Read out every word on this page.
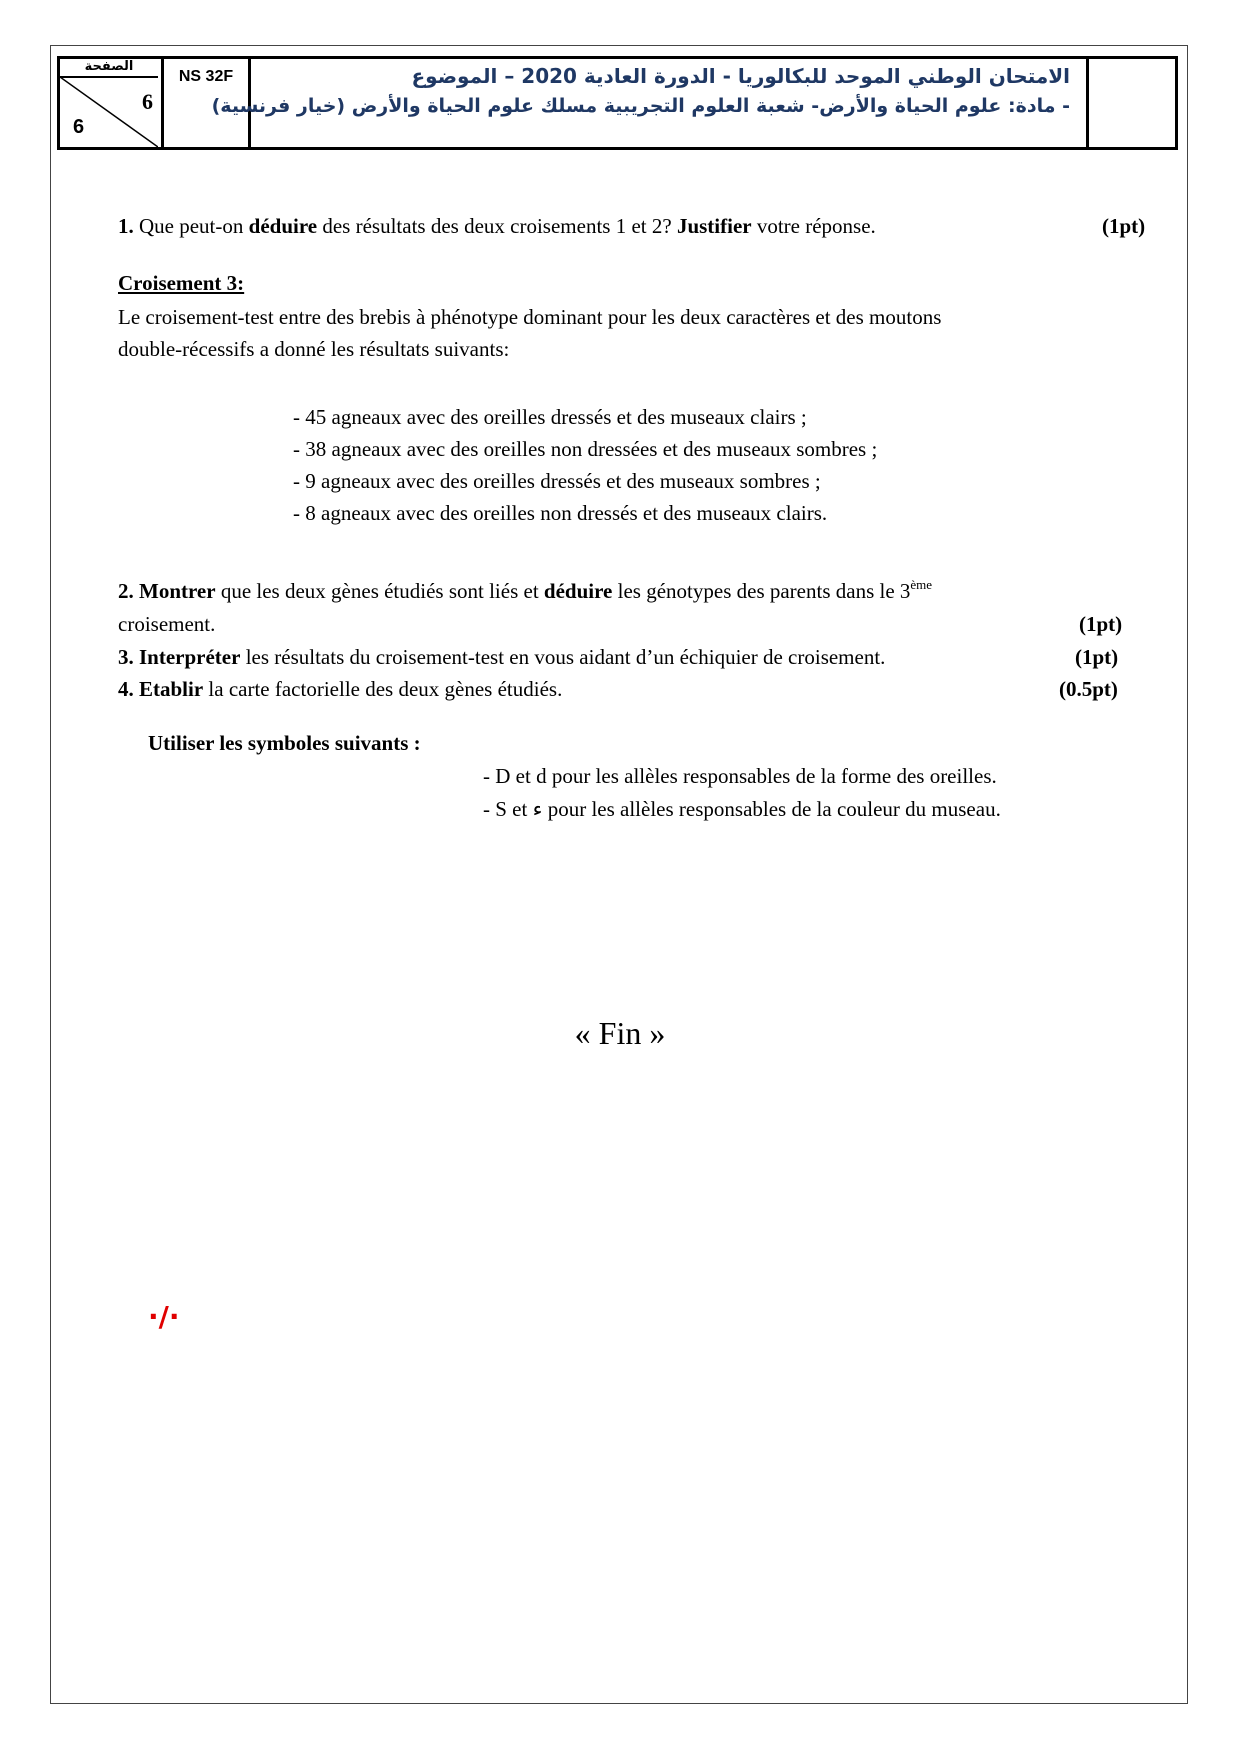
الصفحة
6
6
NS 32F	الامتحان الوطني الموحد للبكالوريا - الدورة العادية 2020 – الموضوع
- مادة: علوم الحياة والأرض- شعبة العلوم التجريبية مسلك علوم الحياة والأرض (خيار فرنسية)
1. Que peut-on déduire des résultats des deux croisements 1 et 2? Justifier votre réponse.	(1pt)
Croisement 3:
Le croisement-test entre des brebis à phénotype dominant pour les deux caractères et des moutons
double-récessifs a donné les résultats suivants:
- 45 agneaux avec des oreilles dressés et des museaux clairs ;
- 38 agneaux avec des oreilles non dressées et des museaux sombres ;
- 9 agneaux avec des oreilles dressés et des museaux sombres ;
- 8 agneaux avec des oreilles non dressés et des museaux clairs.
2. Montrer que les deux gènes étudiés sont liés et déduire les génotypes des parents dans le 3ème
croisement.	(1pt)
3. Interpréter les résultats du croisement-test en vous aidant d’un échiquier de croisement.	(1pt)
4. Etablir la carte factorielle des deux gènes étudiés.	(0.5pt)
Utiliser les symboles suivants :
- D et d pour les allèles responsables de la forme des oreilles.
- S et ء pour les allèles responsables de la couleur du museau.
« Fin »
·/·
